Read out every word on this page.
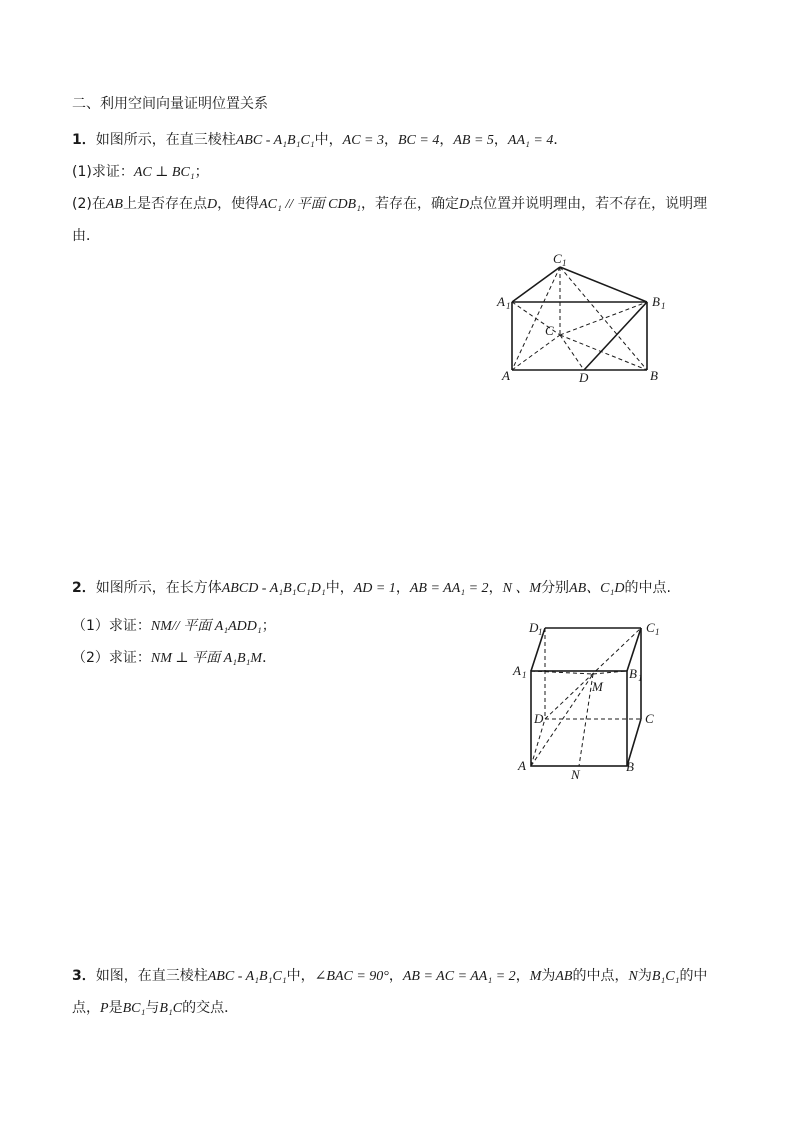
二、利用空间向量证明位置关系
1．如图所示，在直三棱柱ABC - A₁B₁C₁中，AC = 3，BC = 4，AB = 5，AA₁ = 4．
(1)求证：AC ⊥ BC₁；
(2)在AB上是否存在点D，使得AC₁ // 平面 CDB₁，若存在，确定D点位置并说明理由，若不存在，说明理
由．
C 1
A 1	B 1
C
A	D	B
2．如图所示，在长方体ABCD - A₁B₁C₁D₁中，AD = 1，AB = AA₁ = 2，N 、M分别AB、C₁D的中点.
（1）求证：NM// 平面 A₁ADD₁；
（2）求证：NM ⊥ 平面 A₁B₁M．
D 1	C 1
A 1	B 1
M
D	C
A
N
B
3．如图，在直三棱柱ABC - A₁B₁C₁中，∠BAC = 90°，AB = AC = AA₁ = 2，M为AB的中点，N为B₁C₁的中
点，P是BC₁与B₁C的交点．
